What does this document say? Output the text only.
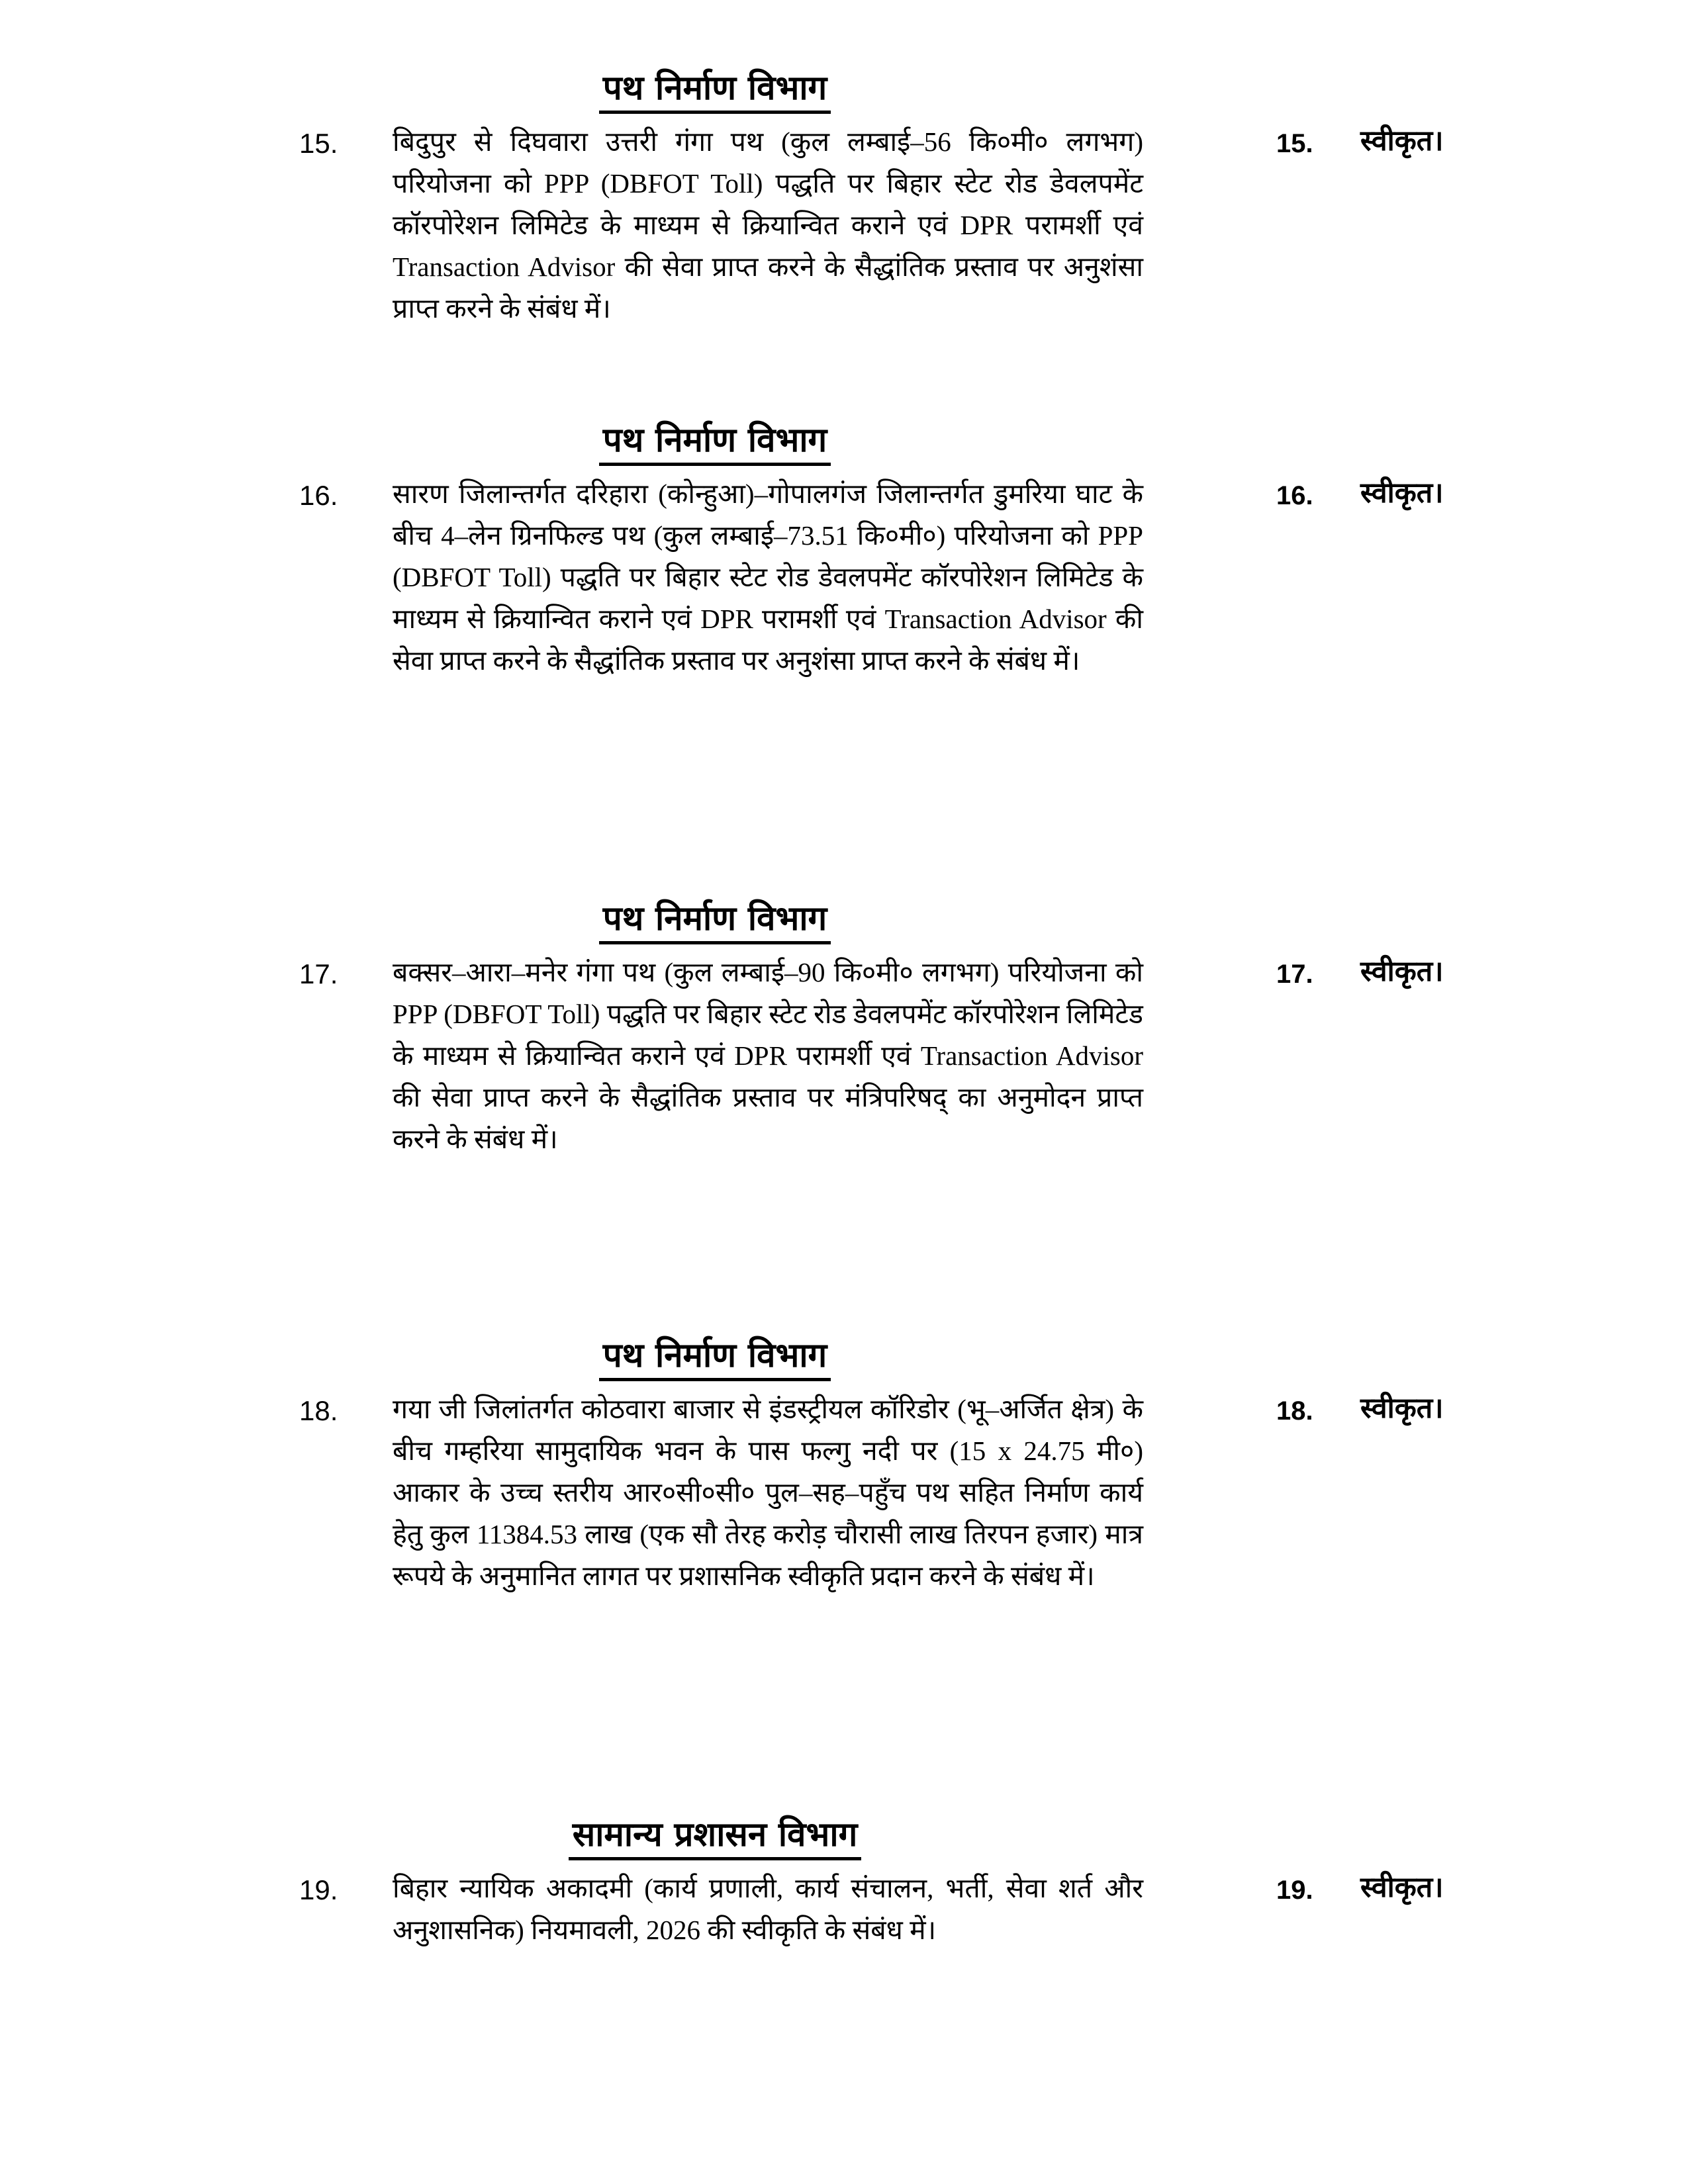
पथ निर्माण विभाग
15. बिदुपुर से दिघवारा उत्तरी गंगा पथ (कुल लम्बाई–56 कि०मी० लगभग) परियोजना को PPP (DBFOT Toll) पद्धति पर बिहार स्टेट रोड डेवलपमेंट कॉरपोरेशन लिमिटेड के माध्यम से क्रियान्वित कराने एवं DPR परामर्शी एवं Transaction Advisor की सेवा प्राप्त करने के सैद्धांतिक प्रस्ताव पर अनुशंसा प्राप्त करने के संबंध में।
15. स्वीकृत।
पथ निर्माण विभाग
16. सारण जिलान्तर्गत दरिहारा (कोन्हुआ)–गोपालगंज जिलान्तर्गत डुमरिया घाट के बीच 4–लेन ग्रिनफिल्ड पथ (कुल लम्बाई–73.51 कि०मी०) परियोजना को PPP (DBFOT Toll) पद्धति पर बिहार स्टेट रोड डेवलपमेंट कॉरपोरेशन लिमिटेड के माध्यम से क्रियान्वित कराने एवं DPR परामर्शी एवं Transaction Advisor की सेवा प्राप्त करने के सैद्धांतिक प्रस्ताव पर अनुशंसा प्राप्त करने के संबंध में।
16. स्वीकृत।
पथ निर्माण विभाग
17. बक्सर–आरा–मनेर गंगा पथ (कुल लम्बाई–90 कि०मी० लगभग) परियोजना को PPP (DBFOT Toll) पद्धति पर बिहार स्टेट रोड डेवलपमेंट कॉरपोरेशन लिमिटेड के माध्यम से क्रियान्वित कराने एवं DPR परामर्शी एवं Transaction Advisor की सेवा प्राप्त करने के सैद्धांतिक प्रस्ताव पर मंत्रिपरिषद् का अनुमोदन प्राप्त करने के संबंध में।
17. स्वीकृत।
पथ निर्माण विभाग
18. गया जी जिलांतर्गत कोठवारा बाजार से इंडस्ट्रीयल कॉरिडोर (भू–अर्जित क्षेत्र) के बीच गम्हरिया सामुदायिक भवन के पास फल्गु नदी पर (15 x 24.75 मी०) आकार के उच्च स्तरीय आर०सी०सी० पुल–सह–पहुँच पथ सहित निर्माण कार्य हेतु कुल 11384.53 लाख (एक सौ तेरह करोड़ चौरासी लाख तिरपन हजार) मात्र रूपये के अनुमानित लागत पर प्रशासनिक स्वीकृति प्रदान करने के संबंध में।
18. स्वीकृत।
सामान्य प्रशासन विभाग
19. बिहार न्यायिक अकादमी (कार्य प्रणाली, कार्य संचालन, भर्ती, सेवा शर्त और अनुशासनिक) नियमावली, 2026 की स्वीकृति के संबंध में।
19. स्वीकृत।
